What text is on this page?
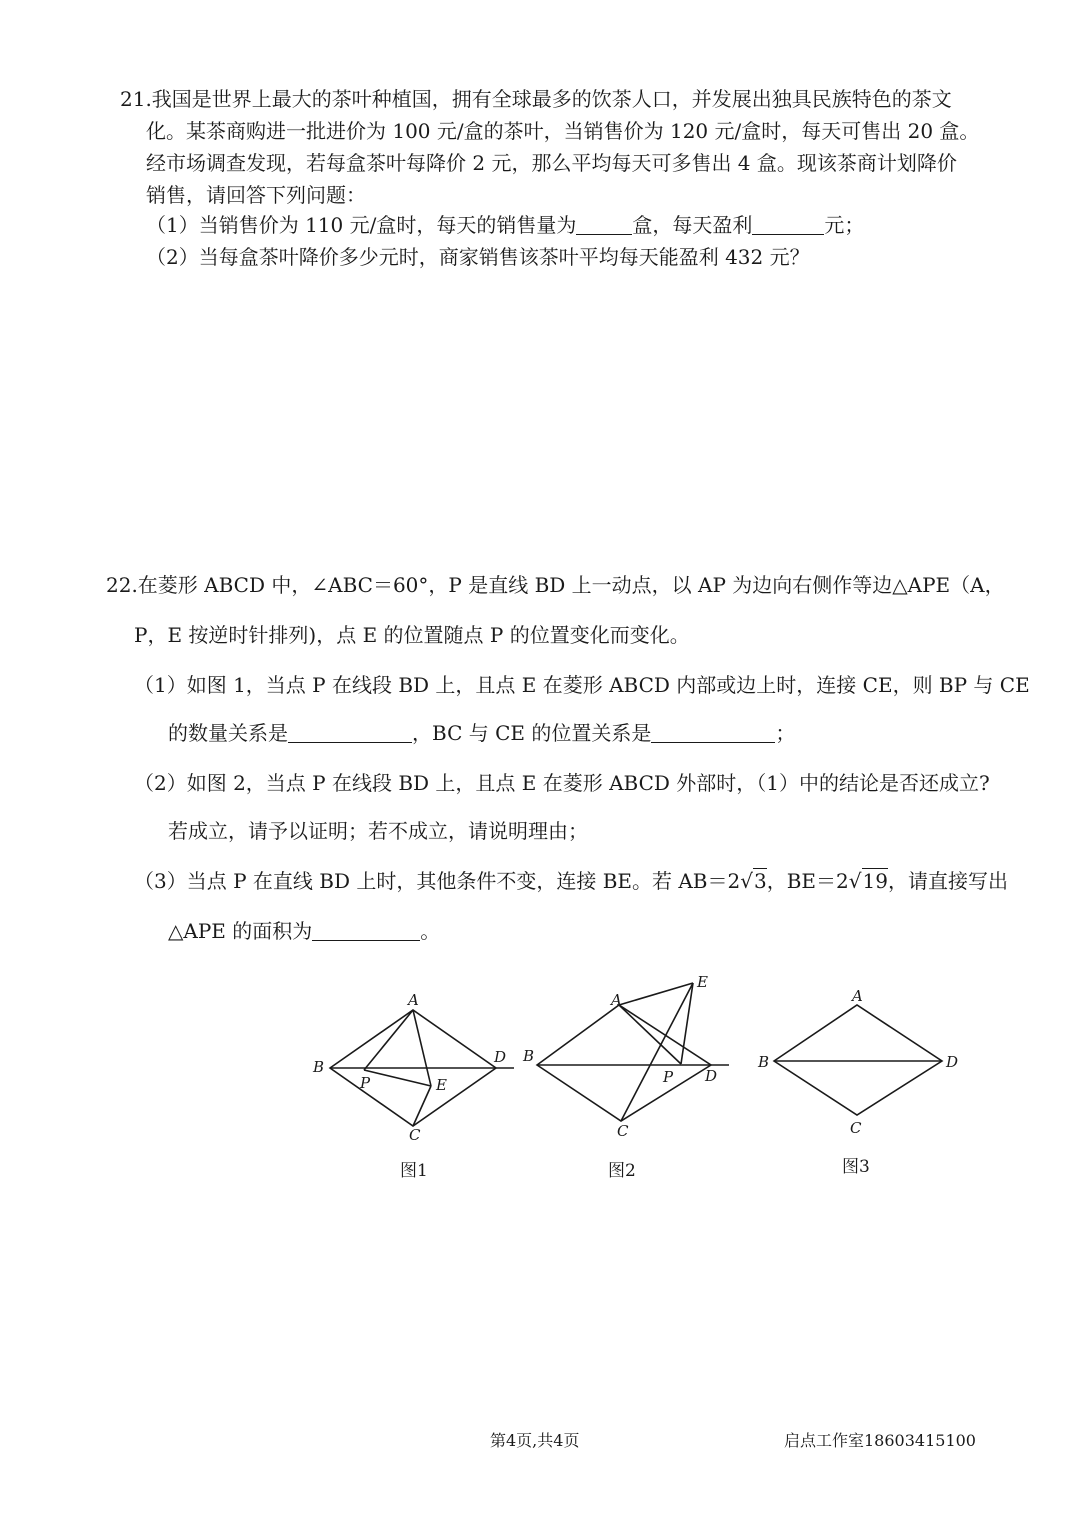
21.我国是世界上最大的茶叶种植国，拥有全球最多的饮茶人口，并发展出独具民族特色的茶文
化。某茶商购进一批进价为 100 元/盒的茶叶，当销售价为 120 元/盒时，每天可售出 20 盒。
经市场调查发现，若每盒茶叶每降价 2 元，那么平均每天可多售出 4 盒。现该茶商计划降价
销售，请回答下列问题：
（1）当销售价为 110 元/盒时，每天的销售量为	盒，每天盈利	元；
（2）当每盒茶叶降价多少元时，商家销售该茶叶平均每天能盈利 432 元？
22.在菱形 ABCD 中，∠ABC＝60°，P 是直线 BD 上一动点，以 AP 为边向右侧作等边△APE（A，
P，E 按逆时针排列)，点 E 的位置随点 P 的位置变化而变化。
（1）如图 1，当点 P 在线段 BD 上，且点 E 在菱形 ABCD 内部或边上时，连接 CE，则 BP 与 CE
的数量关系是	，BC 与 CE 的位置关系是	；
（2）如图 2，当点 P 在线段 BD 上，且点 E 在菱形 ABCD 外部时，（1）中的结论是否还成立?
若成立，请予以证明；若不成立，请说明理由；
（3）当点 P 在直线 BD 上时，其他条件不变，连接 BE。若 AB＝2√3，BE＝2√19，请直接写出
△APE 的面积为	。
A
B
C
D
P	E
图1
A
B
C
D
P
E
图2
A
B
C
D
图3
第4页,共4页	启点工作室18603415100
